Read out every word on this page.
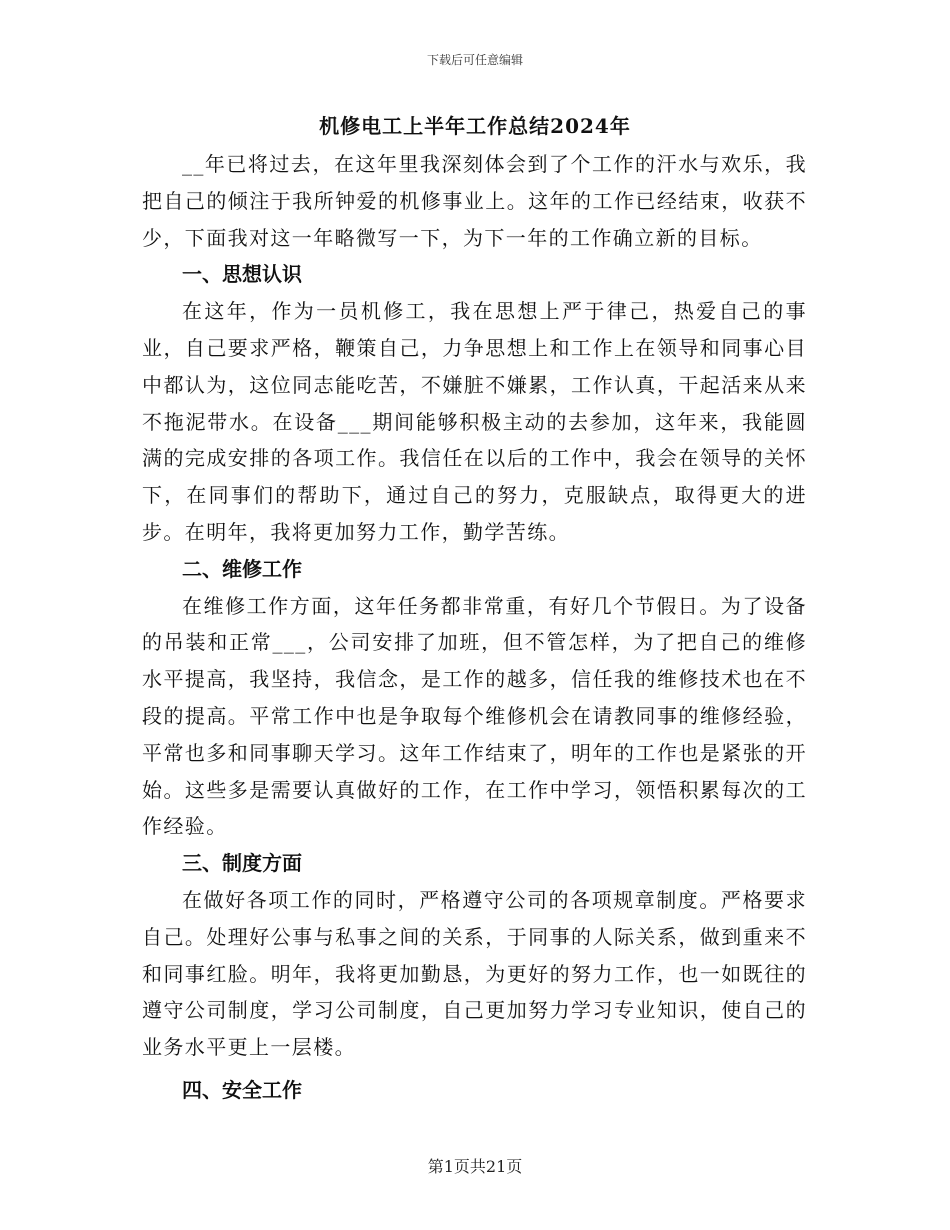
下载后可任意编辑
机修电工上半年工作总结2024年

__年已将过去，在这年里我深刻体会到了个工作的汗水与欢乐，我把自己的倾注于我所钟爱的机修事业上。这年的工作已经结束，收获不少，下面我对这一年略微写一下，为下一年的工作确立新的目标。

一、思想认识

在这年，作为一员机修工，我在思想上严于律己，热爱自己的事业，自己要求严格，鞭策自己，力争思想上和工作上在领导和同事心目中都认为，这位同志能吃苦，不嫌脏不嫌累，工作认真，干起活来从来不拖泥带水。在设备___期间能够积极主动的去参加，这年来，我能圆满的完成安排的各项工作。我信任在以后的工作中，我会在领导的关怀下，在同事们的帮助下，通过自己的努力，克服缺点，取得更大的进步。在明年，我将更加努力工作，勤学苦练。

二、维修工作

在维修工作方面，这年任务都非常重，有好几个节假日。为了设备的吊装和正常___，公司安排了加班，但不管怎样，为了把自己的维修水平提高，我坚持，我信念，是工作的越多，信任我的维修技术也在不段的提高。平常工作中也是争取每个维修机会在请教同事的维修经验，平常也多和同事聊天学习。这年工作结束了，明年的工作也是紧张的开始。这些多是需要认真做好的工作，在工作中学习，领悟积累每次的工作经验。

三、制度方面

在做好各项工作的同时，严格遵守公司的各项规章制度。严格要求自己。处理好公事与私事之间的关系，于同事的人际关系，做到重来不和同事红脸。明年，我将更加勤恳，为更好的努力工作，也一如既往的遵守公司制度，学习公司制度，自己更加努力学习专业知识，使自己的业务水平更上一层楼。

四、安全工作

第1页共21页
